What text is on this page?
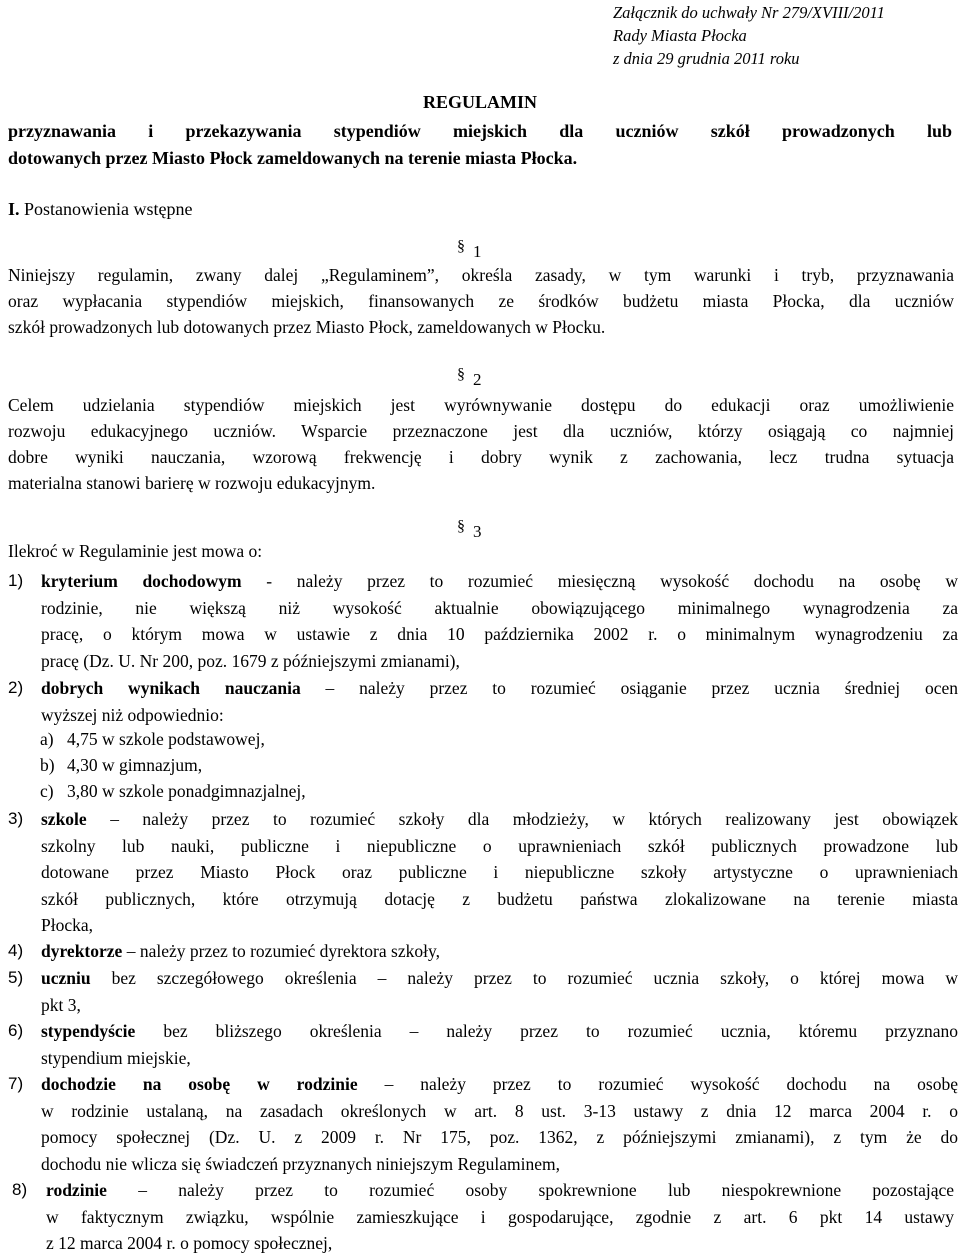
Załącznik do uchwały Nr 279/XVIII/2011
Rady Miasta Płocka
z dnia 29 grudnia 2011 roku
REGULAMIN
przyznawania i przekazywania stypendiów miejskich dla uczniów szkół prowadzonych lub
dotowanych przez Miasto Płock zameldowanych na terenie miasta Płocka.
I. Postanowienia wstępne
§ 1
Niniejszy regulamin, zwany dalej „Regulaminem”, określa zasady, w tym warunki i tryb, przyznawania
oraz wypłacania stypendiów miejskich, finansowanych ze środków budżetu miasta Płocka, dla uczniów
szkół prowadzonych lub dotowanych przez Miasto Płock, zameldowanych w Płocku.
§ 2
Celem udzielania stypendiów miejskich jest wyrównywanie dostępu do edukacji oraz umożliwienie
rozwoju edukacyjnego uczniów. Wsparcie przeznaczone jest dla uczniów, którzy osiągają co najmniej
dobre wyniki nauczania, wzorową frekwencję i dobry wynik z zachowania, lecz trudna sytuacja
materialna stanowi barierę w rozwoju edukacyjnym.
§ 3
Ilekroć w Regulaminie jest mowa o:
1) kryterium dochodowym - należy przez to rozumieć miesięczną wysokość dochodu na osobę w
rodzinie, nie większą niż wysokość aktualnie obowiązującego minimalnego wynagrodzenia za
pracę, o którym mowa w ustawie z dnia 10 października 2002 r. o minimalnym wynagrodzeniu za
pracę (Dz. U. Nr 200, poz. 1679 z późniejszymi zmianami),
2) dobrych wynikach nauczania – należy przez to rozumieć osiąganie przez ucznia średniej ocen
wyższej niż odpowiednio:
a) 4,75 w szkole podstawowej,
b) 4,30 w gimnazjum,
c) 3,80 w szkole ponadgimnazjalnej,
3) szkole – należy przez to rozumieć szkoły dla młodzieży, w których realizowany jest obowiązek
szkolny lub nauki, publiczne i niepubliczne o uprawnieniach szkół publicznych prowadzone lub
dotowane przez Miasto Płock oraz publiczne i niepubliczne szkoły artystyczne o uprawnieniach
szkół publicznych, które otrzymują dotację z budżetu państwa zlokalizowane na terenie miasta
Płocka,
4) dyrektorze – należy przez to rozumieć dyrektora szkoły,
5) uczniu bez szczegółowego określenia – należy przez to rozumieć ucznia szkoły, o której mowa w
pkt 3,
6) stypendyście bez bliższego określenia – należy przez to rozumieć ucznia, któremu przyznano
stypendium miejskie,
7) dochodzie na osobę w rodzinie – należy przez to rozumieć wysokość dochodu na osobę
w rodzinie ustalaną, na zasadach określonych w art. 8 ust. 3-13 ustawy z dnia 12 marca 2004 r. o
pomocy społecznej (Dz. U. z 2009 r. Nr 175, poz. 1362, z późniejszymi zmianami), z tym że do
dochodu nie wlicza się świadczeń przyznanych niniejszym Regulaminem,
8) rodzinie – należy przez to rozumieć osoby spokrewnione lub niespokrewnione pozostające
w faktycznym związku, wspólnie zamieszkujące i gospodarujące, zgodnie z art. 6 pkt 14 ustawy
z 12 marca 2004 r. o pomocy społecznej,
